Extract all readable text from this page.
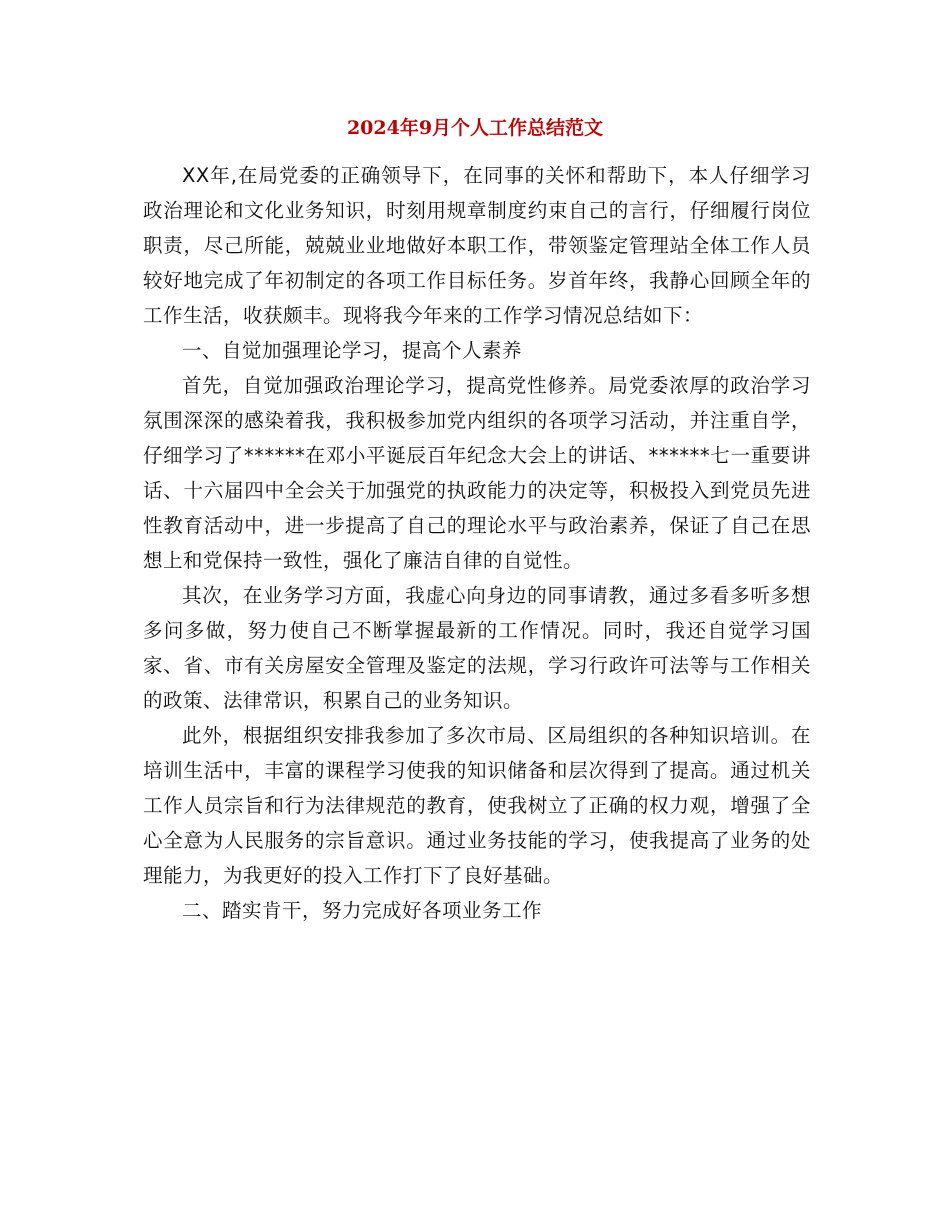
2024年9月个人工作总结范文

XX年,在局党委的正确领导下，在同事的关怀和帮助下，本人仔细学习政治理论和文化业务知识，时刻用规章制度约束自己的言行，仔细履行岗位职责，尽己所能，兢兢业业地做好本职工作，带领鉴定管理站全体工作人员较好地完成了年初制定的各项工作目标任务。岁首年终，我静心回顾全年的工作生活，收获颇丰。现将我今年来的工作学习情况总结如下：

一、自觉加强理论学习，提高个人素养

首先，自觉加强政治理论学习，提高党性修养。局党委浓厚的政治学习氛围深深的感染着我，我积极参加党内组织的各项学习活动，并注重自学，仔细学习了******在邓小平诞辰百年纪念大会上的讲话、******七一重要讲话、十六届四中全会关于加强党的执政能力的决定等，积极投入到党员先进性教育活动中，进一步提高了自己的理论水平与政治素养，保证了自己在思想上和党保持一致性，强化了廉洁自律的自觉性。

其次，在业务学习方面，我虚心向身边的同事请教，通过多看多听多想多问多做，努力使自己不断掌握最新的工作情况。同时，我还自觉学习国家、省、市有关房屋安全管理及鉴定的法规，学习行政许可法等与工作相关的政策、法律常识，积累自己的业务知识。

此外，根据组织安排我参加了多次市局、区局组织的各种知识培训。在培训生活中，丰富的课程学习使我的知识储备和层次得到了提高。通过机关工作人员宗旨和行为法律规范的教育，使我树立了正确的权力观，增强了全心全意为人民服务的宗旨意识。通过业务技能的学习，使我提高了业务的处理能力，为我更好的投入工作打下了良好基础。

二、踏实肯干，努力完成好各项业务工作
